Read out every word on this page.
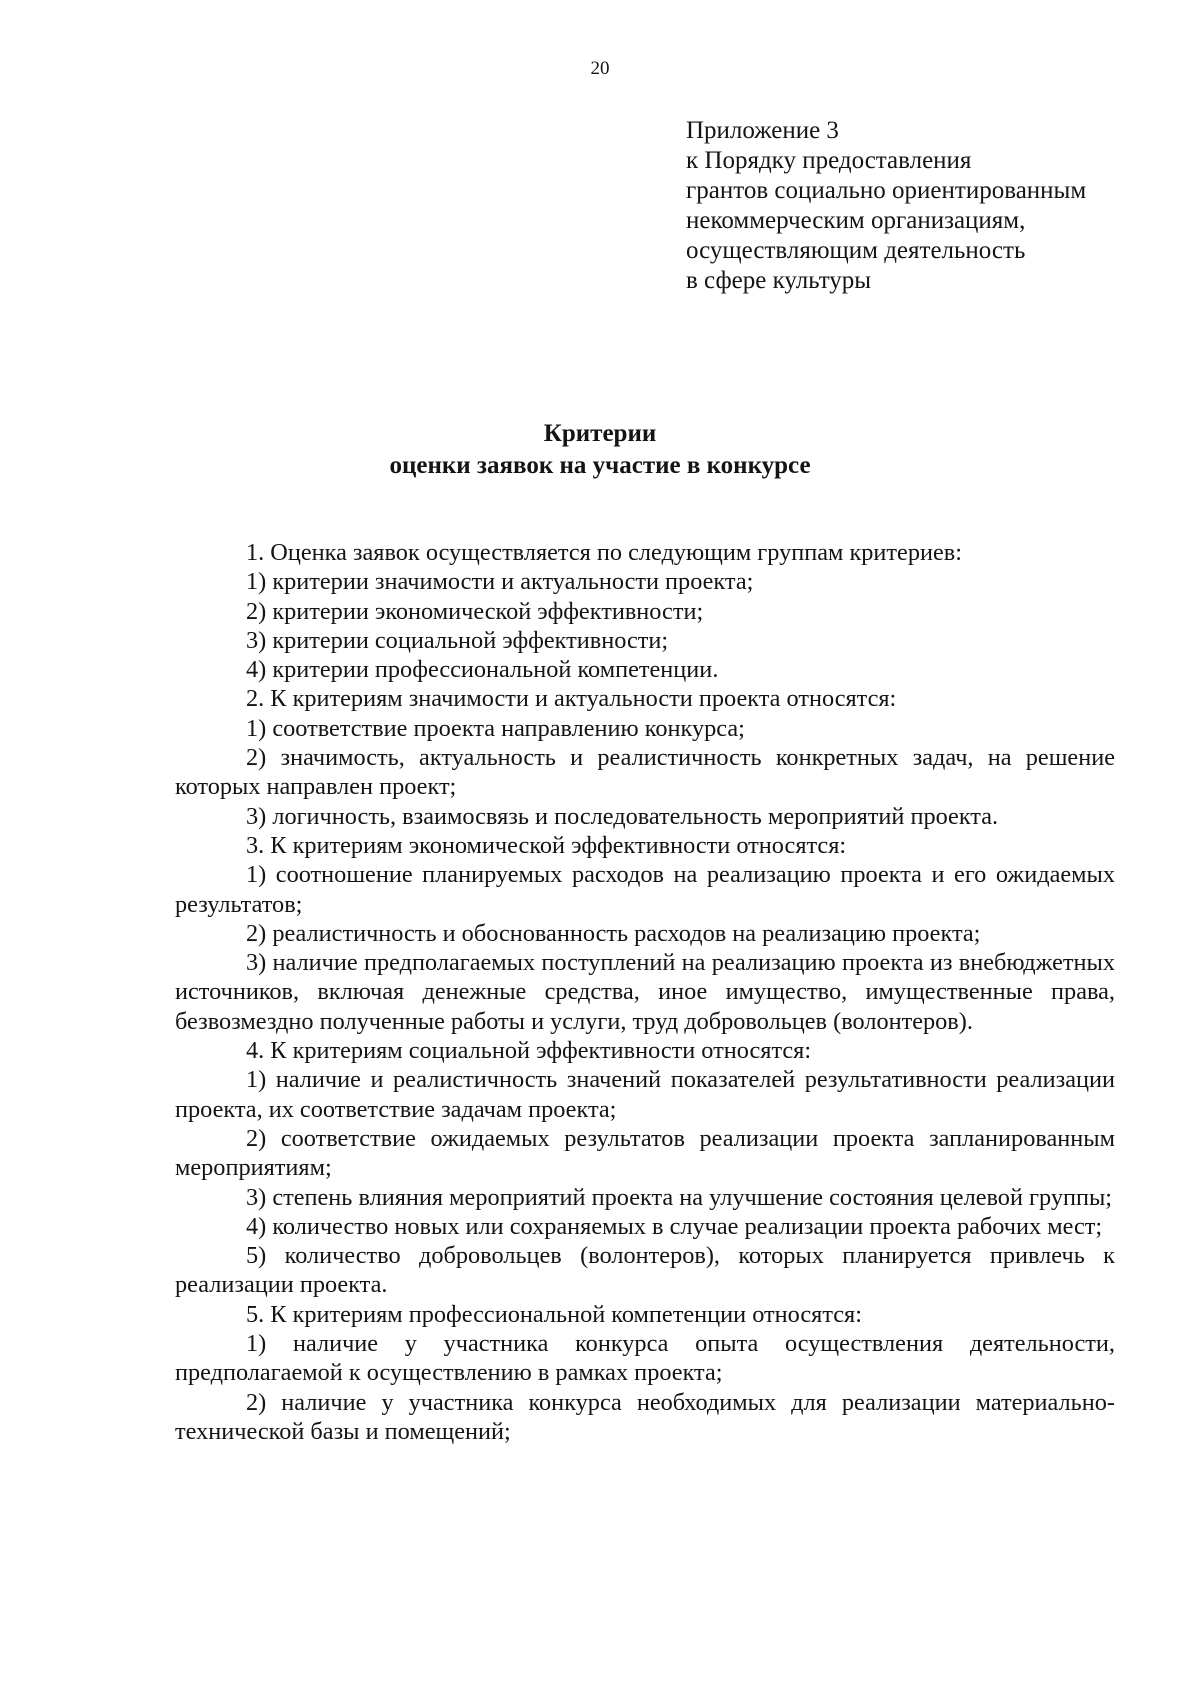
20
Приложение 3
к Порядку предоставления
грантов социально ориентированным
некоммерческим организациям,
осуществляющим деятельность
в сфере культуры
Критерии
оценки заявок на участие в конкурсе

1. Оценка заявок осуществляется по следующим группам критериев:

1) критерии значимости и актуальности проекта;

2) критерии экономической эффективности;

3) критерии социальной эффективности;

4) критерии профессиональной компетенции.

2. К критериям значимости и актуальности проекта относятся:

1) соответствие проекта направлению конкурса;

2) значимость, актуальность и реалистичность конкретных задач, на решение которых направлен проект;

3) логичность, взаимосвязь и последовательность мероприятий проекта.

3. К критериям экономической эффективности относятся:

1) соотношение планируемых расходов на реализацию проекта и его ожидаемых результатов;

2) реалистичность и обоснованность расходов на реализацию проекта;

3) наличие предполагаемых поступлений на реализацию проекта из внебюджетных источников, включая денежные средства, иное имущество, имущественные права, безвозмездно полученные работы и услуги, труд добровольцев (волонтеров).

4. К критериям социальной эффективности относятся:

1) наличие и реалистичность значений показателей результативности реализации проекта, их соответствие задачам проекта;

2) соответствие ожидаемых результатов реализации проекта запланированным мероприятиям;

3) степень влияния мероприятий проекта на улучшение состояния целевой группы;

4) количество новых или сохраняемых в случае реализации проекта рабочих мест;

5) количество добровольцев (волонтеров), которых планируется привлечь к реализации проекта.

5. К критериям профессиональной компетенции относятся:

1) наличие у участника конкурса опыта осуществления деятельности, предполагаемой к осуществлению в рамках проекта;

2) наличие у участника конкурса необходимых для реализации материально-технической базы и помещений;
